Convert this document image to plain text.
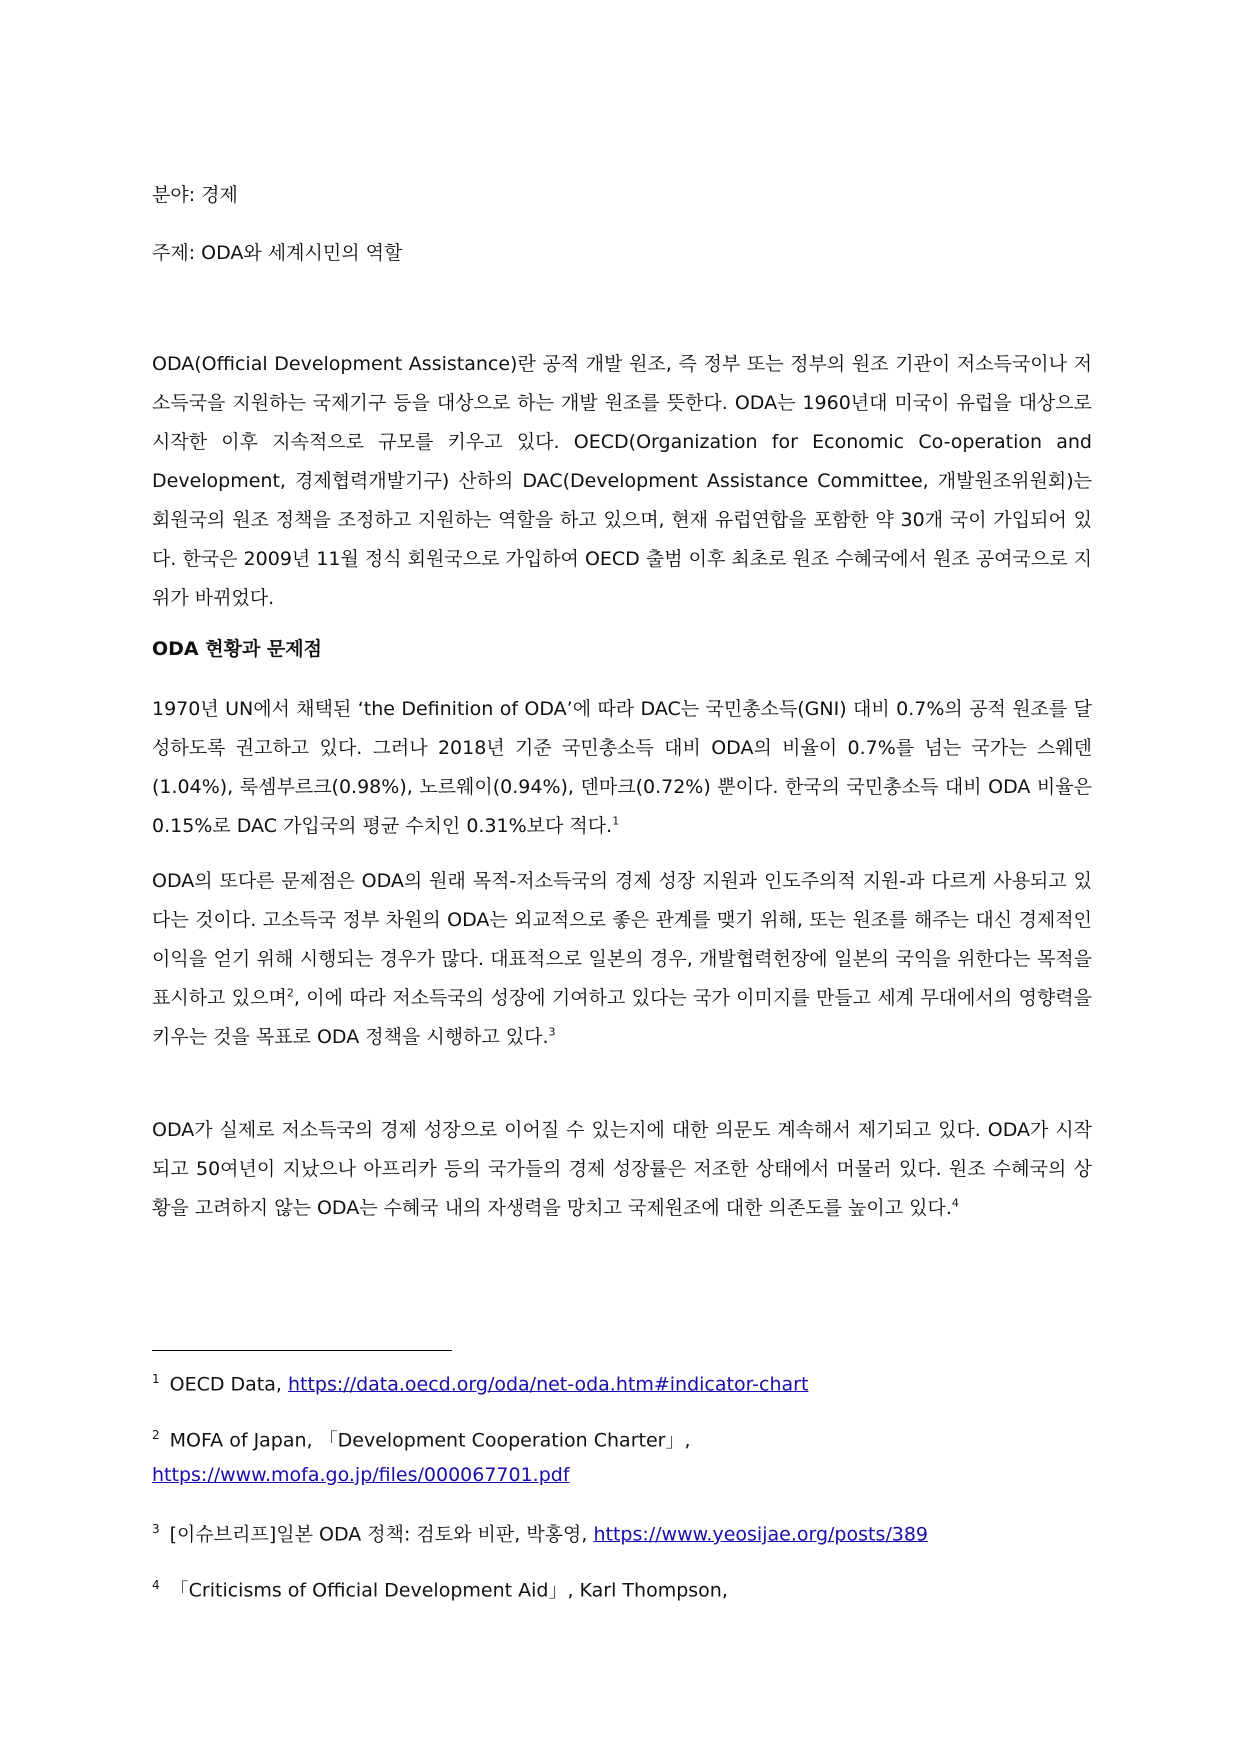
분야: 경제
주제: ODA와 세계시민의 역할
ODA(Official Development Assistance)란 공적 개발 원조, 즉 정부 또는 정부의 원조 기관이 저소득국이나 저소득국을 지원하는 국제기구 등을 대상으로 하는 개발 원조를 뜻한다. ODA는 1960년대 미국이 유럽을 대상으로 시작한 이후 지속적으로 규모를 키우고 있다. OECD(Organization for Economic Co-operation and Development, 경제협력개발기구) 산하의 DAC(Development Assistance Committee, 개발원조위원회)는 회원국의 원조 정책을 조정하고 지원하는 역할을 하고 있으며, 현재 유럽연합을 포함한 약 30개 국이 가입되어 있다. 한국은 2009년 11월 정식 회원국으로 가입하여 OECD 출범 이후 최초로 원조 수혜국에서 원조 공여국으로 지위가 바뀌었다.
ODA 현황과 문제점
1970년 UN에서 채택된 ‘the Definition of ODA’에 따라 DAC는 국민총소득(GNI) 대비 0.7%의 공적 원조를 달성하도록 권고하고 있다. 그러나 2018년 기준 국민총소득 대비 ODA의 비율이 0.7%를 넘는 국가는 스웨덴(1.04%), 룩셈부르크(0.98%), 노르웨이(0.94%), 덴마크(0.72%) 뿐이다. 한국의 국민총소득 대비 ODA 비율은 0.15%로 DAC 가입국의 평균 수치인 0.31%보다 적다.$^1$
ODA의 또다른 문제점은 ODA의 원래 목적-저소득국의 경제 성장 지원과 인도주의적 지원-과 다르게 사용되고 있다는 것이다. 고소득국 정부 차원의 ODA는 외교적으로 좋은 관계를 맺기 위해, 또는 원조를 해주는 대신 경제적인 이익을 얻기 위해 시행되는 경우가 많다. 대표적으로 일본의 경우, 개발협력헌장에 일본의 국익을 위한다는 목적을 표시하고 있으며$^2$, 이에 따라 저소득국의 성장에 기여하고 있다는 국가 이미지를 만들고 세계 무대에서의 영향력을 키우는 것을 목표로 ODA 정책을 시행하고 있다.$^3$
ODA가 실제로 저소득국의 경제 성장으로 이어질 수 있는지에 대한 의문도 계속해서 제기되고 있다. ODA가 시작되고 50여년이 지났으나 아프리카 등의 국가들의 경제 성장률은 저조한 상태에서 머물러 있다. 원조 수혜국의 상황을 고려하지 않는 ODA는 수혜국 내의 자생력을 망치고 국제원조에 대한 의존도를 높이고 있다.$^4$
$^1$ OECD Data, https://data.oecd.org/oda/net-oda.htm#indicator-chart
$^2$ MOFA of Japan, 「Development Cooperation Charter」,
https://www.mofa.go.jp/files/000067701.pdf
$^3$ [이슈브리프]일본 ODA 정책: 검토와 비판, 박홍영, https://www.yeosijae.org/posts/389
$^4$ 「Criticisms of Official Development Aid」, Karl Thompson,
